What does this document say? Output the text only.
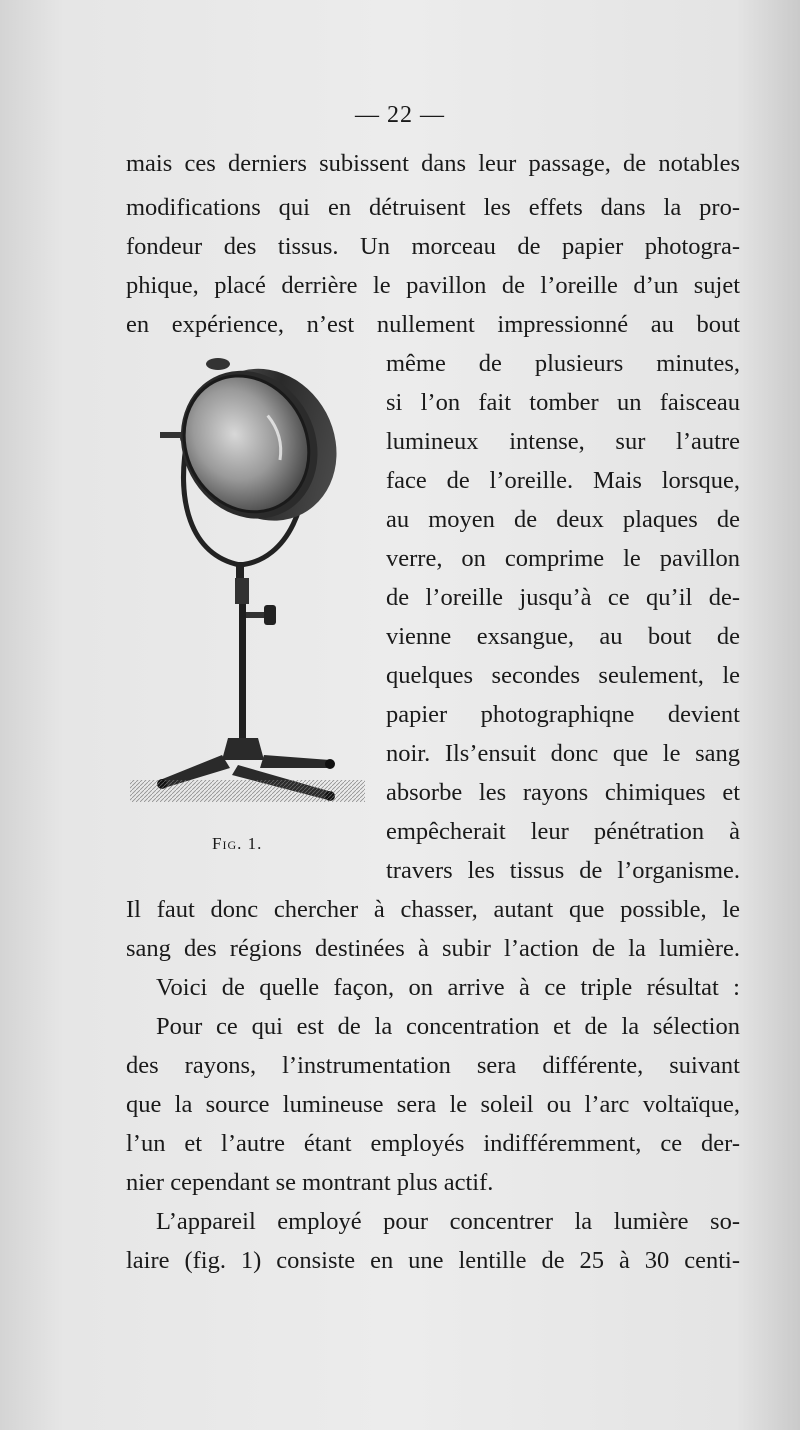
— 22 —
mais ces derniers subissent dans leur passage, de notables
modifications qui en détruisent les effets dans la pro-
fondeur des tissus. Un morceau de papier photogra-
phique, placé derrière le pavillon de l’oreille d’un sujet
en expérience, n’est nullement impressionné au bout
même de plusieurs minutes,
si l’on fait tomber un faisceau
lumineux intense, sur l’autre
face de l’oreille. Mais lorsque,
au moyen de deux plaques de
verre, on comprime le pavillon
de l’oreille jusqu’à ce qu’il de-
vienne exsangue, au bout de
quelques secondes seulement, le
papier photographiqne devient
noir. Ils’ensuit donc que le sang
absorbe les rayons chimiques et
empêcherait leur pénétration à
travers les tissus de l’organisme.
Fig. 1.
Il faut donc chercher à chasser, autant que possible, le
sang des régions destinées à subir l’action de la lumière.
Voici de quelle façon, on arrive à ce triple résultat :
Pour ce qui est de la concentration et de la sélection
des rayons, l’instrumentation sera différente, suivant
que la source lumineuse sera le soleil ou l’arc voltaïque,
l’un et l’autre étant employés indifféremment, ce der-
nier cependant se montrant plus actif.
L’appareil employé pour concentrer la lumière so-
laire (fig. 1) consiste en une lentille de 25 à 30 centi-
